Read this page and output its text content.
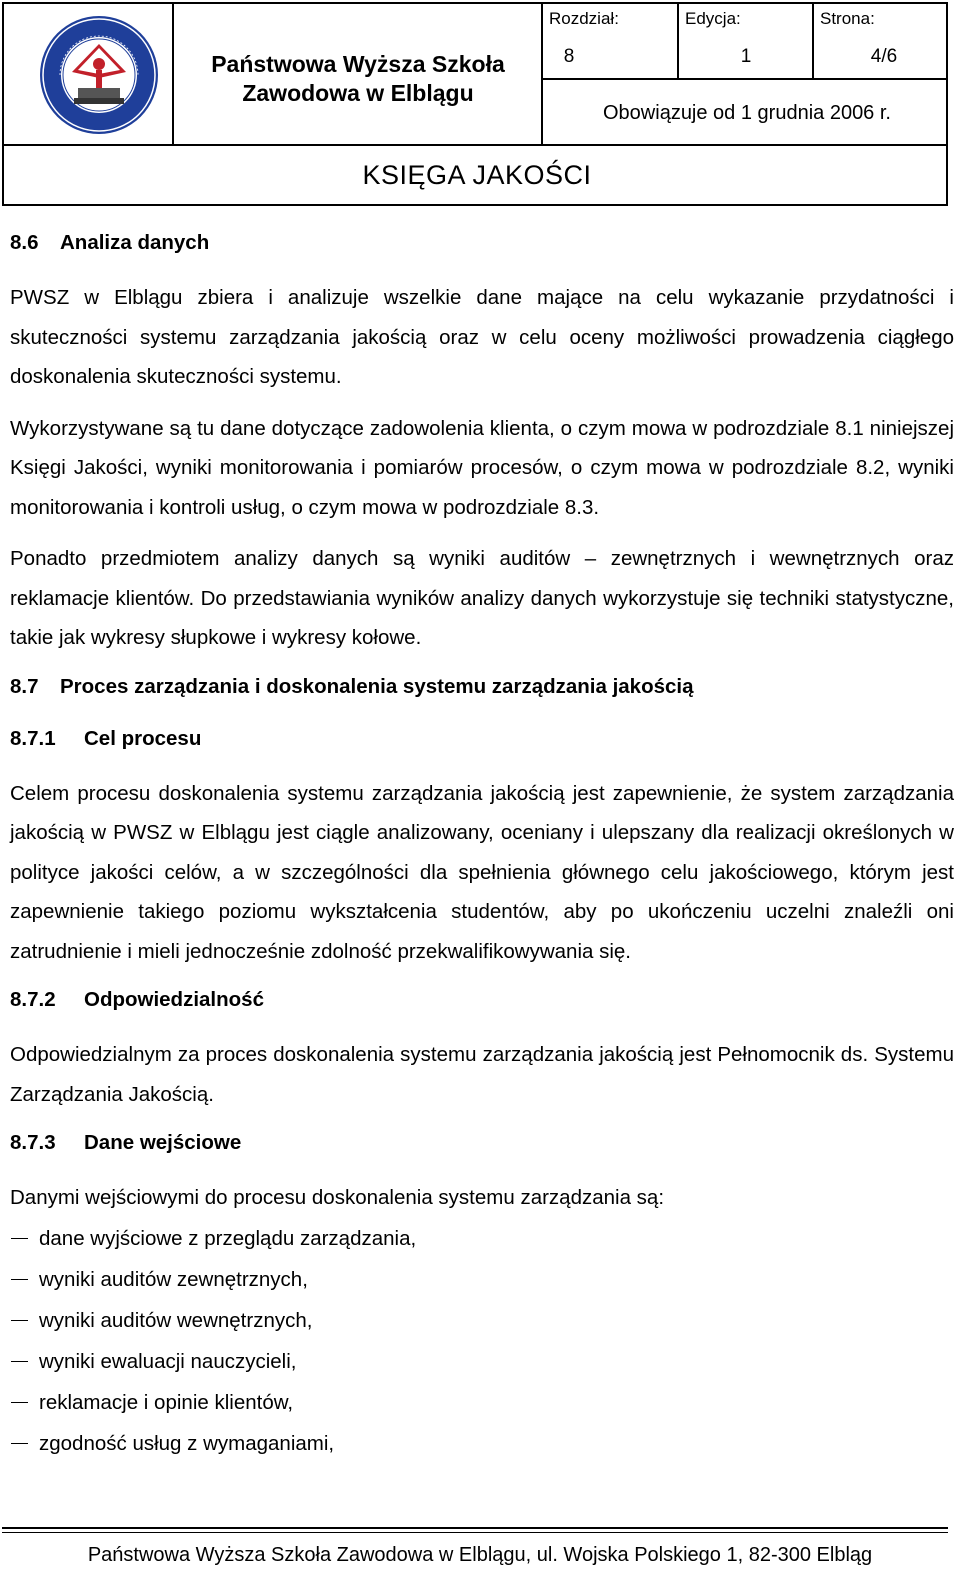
Państwowa Wyższa Szkoła
Zawodowa w Elblągu
Rozdział:
8
Edycja:
1
Strona:
4/6
Obowiązuje od 1 grudnia 2006 r.
KSIĘGA JAKOŚCI
8.6	Analiza danych
PWSZ w Elblągu zbiera i analizuje wszelkie dane mające na celu wykazanie przydatności i skuteczności systemu zarządzania jakością oraz w celu oceny możliwości prowadzenia ciągłego doskonalenia skuteczności systemu.
Wykorzystywane są tu dane dotyczące zadowolenia klienta, o czym mowa w podrozdziale 8.1 niniejszej Księgi Jakości, wyniki monitorowania i pomiarów procesów, o czym mowa w podrozdziale 8.2, wyniki monitorowania i kontroli usług, o czym mowa w podrozdziale 8.3.
Ponadto przedmiotem analizy danych są wyniki auditów – zewnętrznych i wewnętrznych oraz reklamacje klientów. Do przedstawiania wyników analizy danych wykorzystuje się techniki statystyczne, takie jak wykresy słupkowe i wykresy kołowe.
8.7	Proces zarządzania i doskonalenia systemu zarządzania jakością
8.7.1	Cel procesu
Celem procesu doskonalenia systemu zarządzania jakością jest zapewnienie, że system zarządzania jakością w PWSZ w Elblągu jest ciągle analizowany, oceniany i ulepszany dla realizacji określonych w polityce jakości celów, a w szczególności dla spełnienia głównego celu jakościowego, którym jest zapewnienie takiego poziomu wykształcenia studentów, aby po ukończeniu uczelni znaleźli oni zatrudnienie i mieli jednocześnie zdolność przekwalifikowywania się.
8.7.2	Odpowiedzialność
Odpowiedzialnym za proces doskonalenia systemu zarządzania jakością jest Pełnomocnik ds. Systemu Zarządzania Jakością.
8.7.3	Dane wejściowe
Danymi wejściowymi do procesu doskonalenia systemu zarządzania są:
dane wyjściowe z przeglądu zarządzania,
wyniki auditów zewnętrznych,
wyniki auditów wewnętrznych,
wyniki ewaluacji nauczycieli,
reklamacje i opinie klientów,
zgodność usług z wymaganiami,
Państwowa Wyższa Szkoła Zawodowa w Elblągu, ul. Wojska Polskiego 1, 82-300 Elbląg
